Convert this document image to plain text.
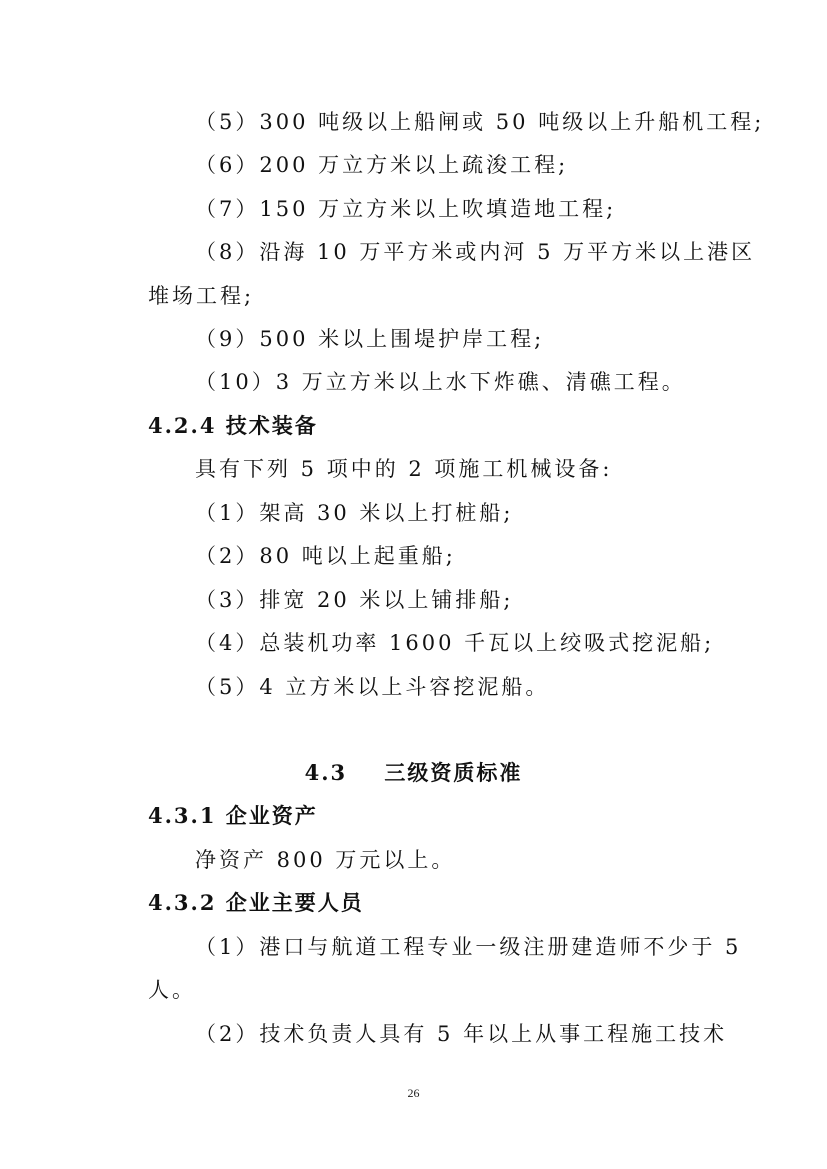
（5）300 吨级以上船闸或 50 吨级以上升船机工程;
（6）200 万立方米以上疏浚工程;
（7）150 万立方米以上吹填造地工程;
（8）沿海 10 万平方米或内河 5 万平方米以上港区
堆场工程;
（9）500 米以上围堤护岸工程;
（10）3 万立方米以上水下炸礁、清礁工程。
4.2.4 技术装备
具有下列 5 项中的 2 项施工机械设备:
（1）架高 30 米以上打桩船;
（2）80 吨以上起重船;
（3）排宽 20 米以上铺排船;
（4）总装机功率 1600 千瓦以上绞吸式挖泥船;
（5）4 立方米以上斗容挖泥船。
4.3    三级资质标准
4.3.1 企业资产
净资产 800 万元以上。
4.3.2 企业主要人员
（1）港口与航道工程专业一级注册建造师不少于 5
人。
（2）技术负责人具有 5 年以上从事工程施工技术
26
